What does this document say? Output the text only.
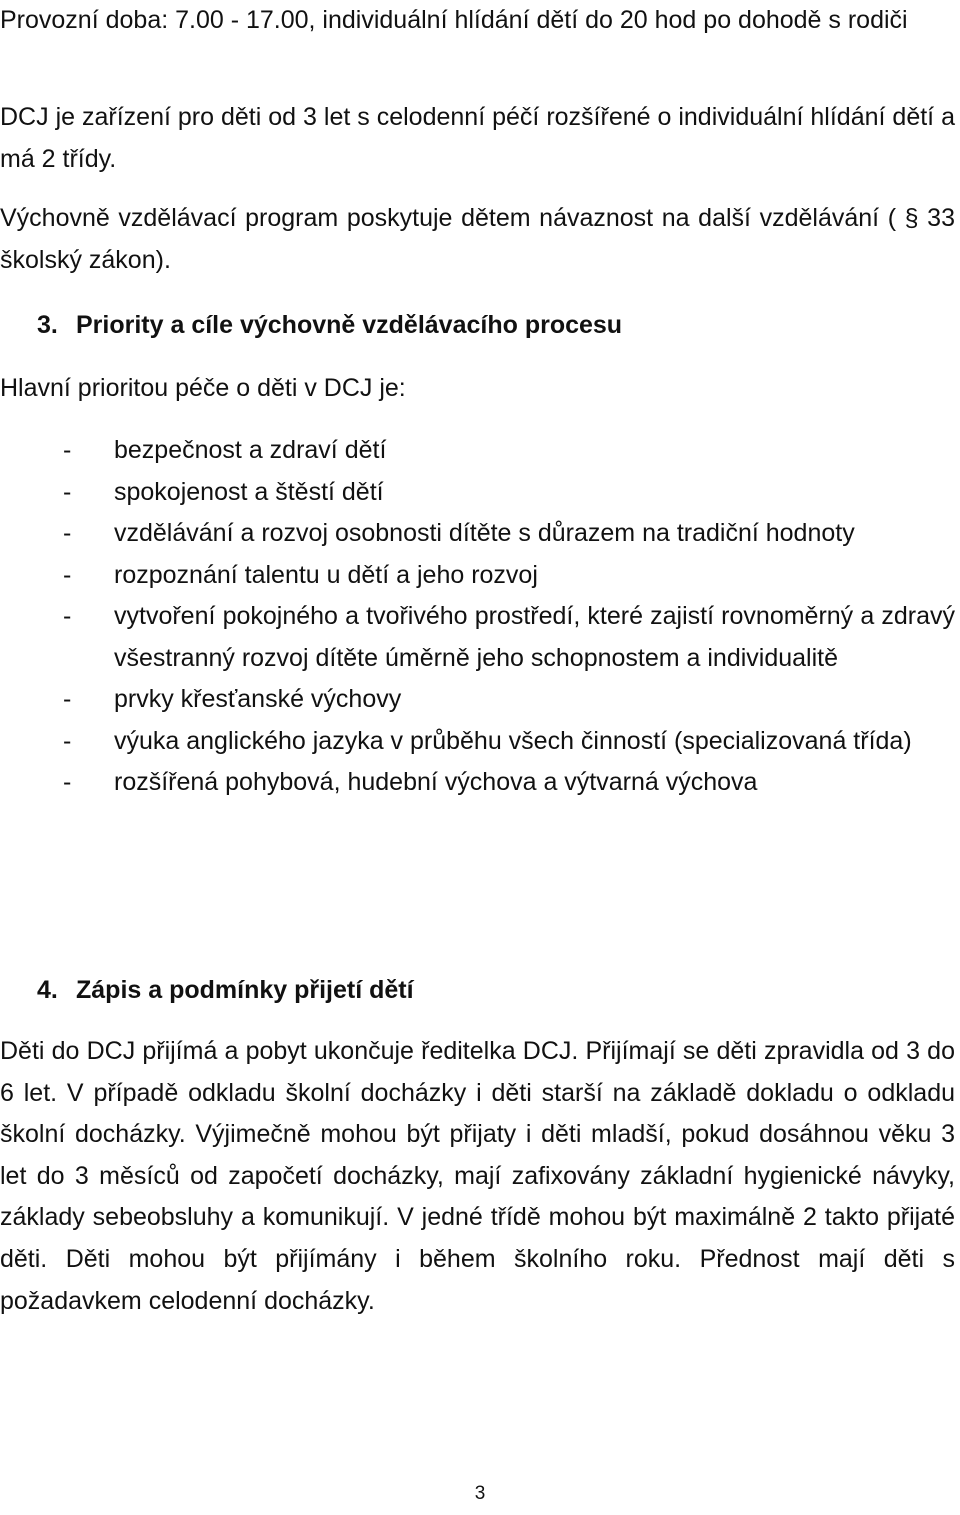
Provozní doba: 7.00 - 17.00, individuální hlídání dětí do 20 hod po dohodě s rodiči

DCJ je zařízení pro děti od 3 let s celodenní péčí rozšířené o individuální hlídání dětí a má 2 třídy.

Výchovně vzdělávací program poskytuje dětem návaznost na další vzdělávání ( § 33 školský zákon).

3. Priority a cíle výchovně vzdělávacího procesu

Hlavní prioritou péče o děti v DCJ je:

- bezpečnost a zdraví dětí
- spokojenost a štěstí dětí
- vzdělávání a rozvoj osobnosti dítěte s důrazem na tradiční hodnoty
- rozpoznání talentu u dětí a jeho rozvoj
- vytvoření pokojného a tvořivého prostředí, které zajistí rovnoměrný a zdravý všestranný rozvoj dítěte úměrně jeho schopnostem a individualitě
- prvky křesťanské výchovy
- výuka anglického jazyka v průběhu všech činností (specializovaná třída)
- rozšířená pohybová, hudební výchova a výtvarná výchova
4. Zápis a podmínky přijetí dětí

Děti do DCJ přijímá a pobyt ukončuje ředitelka DCJ. Přijímají se děti zpravidla od 3 do 6 let. V případě odkladu školní docházky i děti starší na základě dokladu o odkladu školní docházky. Výjimečně mohou být přijaty i děti mladší, pokud dosáhnou věku 3 let do 3 měsíců od započetí docházky, mají zafixovány základní hygienické návyky, základy sebeobsluhy a komunikují. V jedné třídě mohou být maximálně 2 takto přijaté děti. Děti mohou být přijímány i během školního roku. Přednost mají děti s požadavkem celodenní docházky.

3
